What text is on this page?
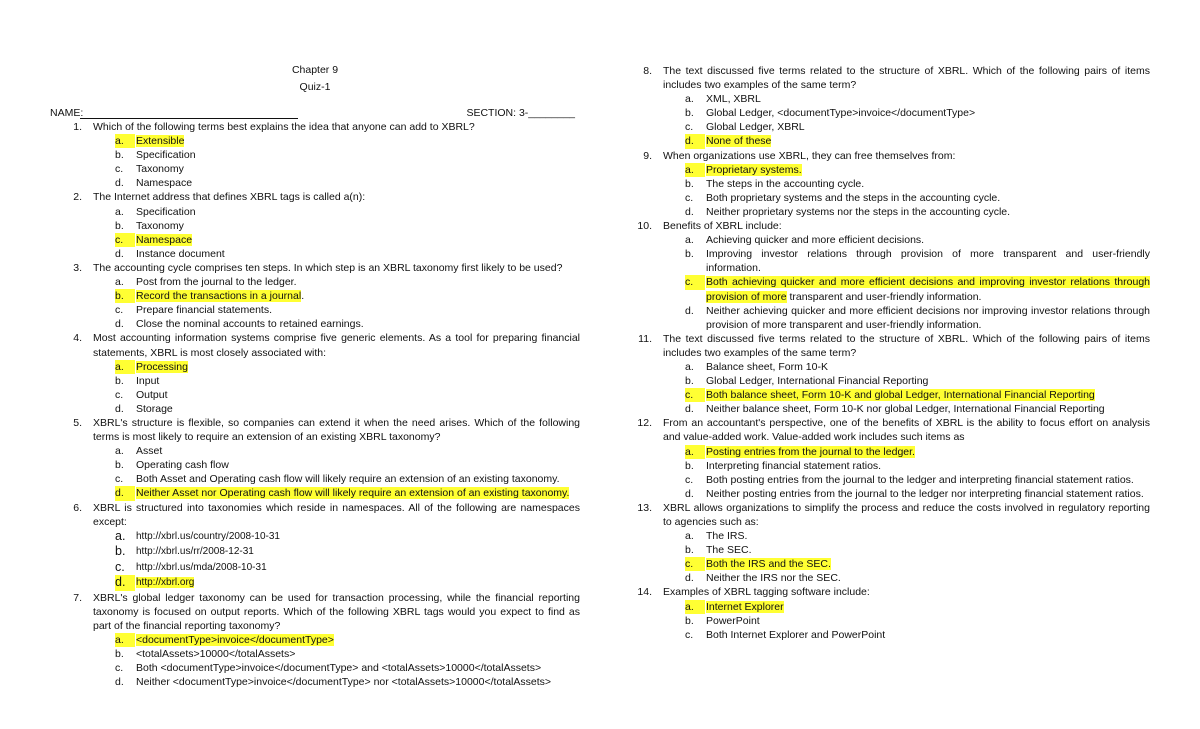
Chapter 9
Quiz-1
NAME:	SECTION: 3-________
1. Which of the following terms best explains the idea that anyone can add to XBRL?
a.	Extensible
b.	Specification
c.	Taxonomy
d.	Namespace
2. The Internet address that defines XBRL tags is called a(n):
a.	Specification
b.	Taxonomy
c.	Namespace
d.	Instance document
3. The accounting cycle comprises ten steps. In which step is an XBRL taxonomy first likely to be used?
a.	Post from the journal to the ledger.
b.	Record the transactions in a journal.
c.	Prepare financial statements.
d.	Close the nominal accounts to retained earnings.
4. Most accounting information systems comprise five generic elements. As a tool for preparing financial statements, XBRL is most closely associated with:
a.	Processing
b.	Input
c.	Output
d.	Storage
5. XBRL's structure is flexible, so companies can extend it when the need arises. Which of the following terms is most likely to require an extension of an existing XBRL taxonomy?
a.	Asset
b.	Operating cash flow
c.	Both Asset and Operating cash flow will likely require an extension of an existing taxonomy.
d.	Neither Asset nor Operating cash flow will likely require an extension of an existing taxonomy.
6. XBRL is structured into taxonomies which reside in namespaces. All of the following are namespaces except:
a.	http://xbrl.us/country/2008-10-31
b.	http://xbrl.us/rr/2008-12-31
c.	http://xbrl.us/mda/2008-10-31
d.	http://xbrl.org
7. XBRL's global ledger taxonomy can be used for transaction processing, while the financial reporting taxonomy is focused on output reports. Which of the following XBRL tags would you expect to find as part of the financial reporting taxonomy?
a.	<documentType>invoice</documentType>
b.	<totalAssets>10000</totalAssets>
c.	Both <documentType>invoice</documentType> and <totalAssets>10000</totalAssets>
d.	Neither <documentType>invoice</documentType> nor <totalAssets>10000</totalAssets>
8. The text discussed five terms related to the structure of XBRL. Which of the following pairs of items includes two examples of the same term?
a.	XML, XBRL
b.	Global Ledger, <documentType>invoice</documentType>
c.	Global Ledger, XBRL
d.	None of these
9. When organizations use XBRL, they can free themselves from:
a.	Proprietary systems.
b.	The steps in the accounting cycle.
c.	Both proprietary systems and the steps in the accounting cycle.
d.	Neither proprietary systems nor the steps in the accounting cycle.
10. Benefits of XBRL include:
a.	Achieving quicker and more efficient decisions.
b.	Improving investor relations through provision of more transparent and user-friendly information.
c.	Both achieving quicker and more efficient decisions and improving investor relations through provision of more transparent and user-friendly information.
d.	Neither achieving quicker and more efficient decisions nor improving investor relations through provision of more transparent and user-friendly information.
11. The text discussed five terms related to the structure of XBRL. Which of the following pairs of items includes two examples of the same term?
a.	Balance sheet, Form 10-K
b.	Global Ledger, International Financial Reporting
c.	Both balance sheet, Form 10-K and global Ledger, International Financial Reporting
d.	Neither balance sheet, Form 10-K nor global Ledger, International Financial Reporting
12. From an accountant's perspective, one of the benefits of XBRL is the ability to focus effort on analysis and value-added work. Value-added work includes such items as
a.	Posting entries from the journal to the ledger.
b.	Interpreting financial statement ratios.
c.	Both posting entries from the journal to the ledger and interpreting financial statement ratios.
d.	Neither posting entries from the journal to the ledger nor interpreting financial statement ratios.
13. XBRL allows organizations to simplify the process and reduce the costs involved in regulatory reporting to agencies such as:
a.	The IRS.
b.	The SEC.
c.	Both the IRS and the SEC.
d.	Neither the IRS nor the SEC.
14. Examples of XBRL tagging software include:
a.	Internet Explorer
b.	PowerPoint
c.	Both Internet Explorer and PowerPoint
